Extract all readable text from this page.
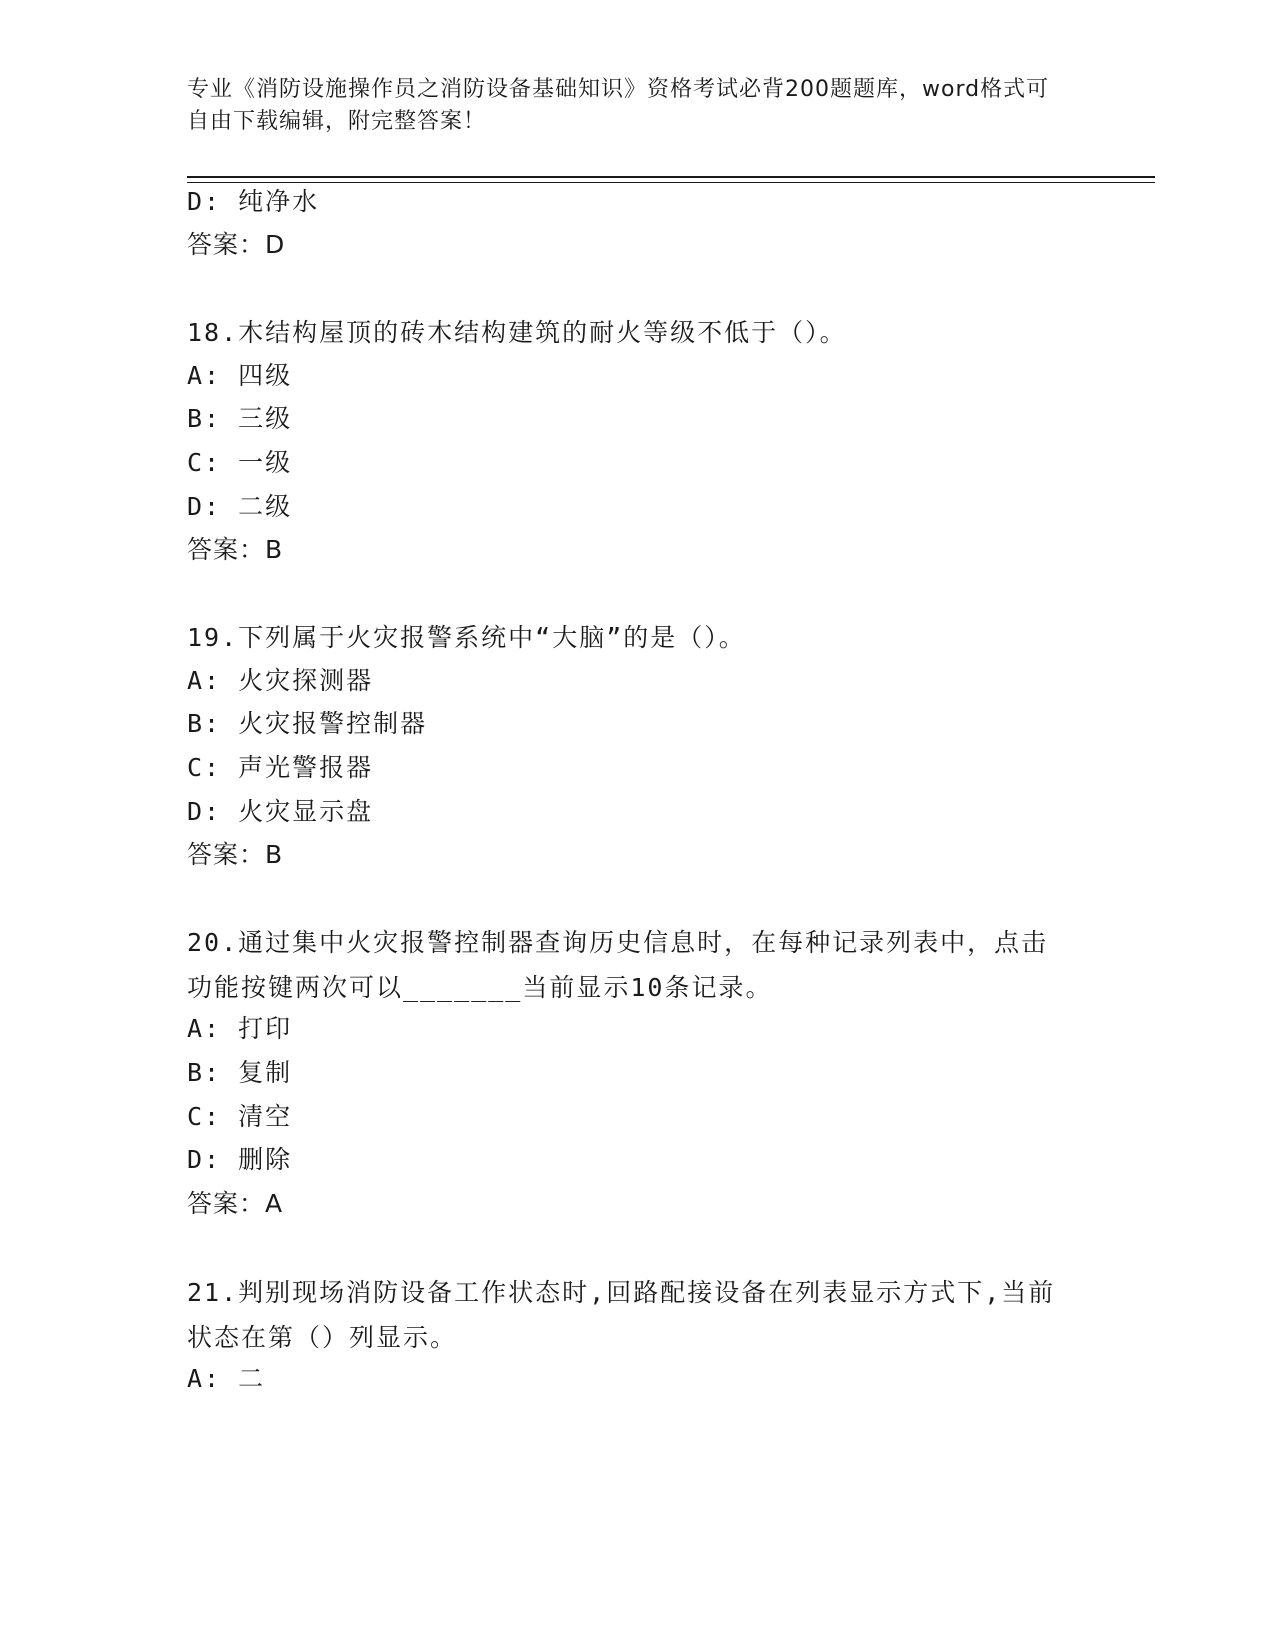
专业《消防设施操作员之消防设备基础知识》资格考试必背200题题库，word格式可自由下载编辑，附完整答案！
D: 纯净水
答案：D
18.木结构屋顶的砖木结构建筑的耐火等级不低于（）。
A: 四级
B: 三级
C: 一级
D: 二级
答案：B
19.下列属于火灾报警系统中“大脑”的是（）。
A: 火灾探测器
B: 火灾报警控制器
C: 声光警报器
D: 火灾显示盘
答案：B
20.通过集中火灾报警控制器查询历史信息时，在每种记录列表中，点击功能按键两次可以_______当前显示10条记录。
A: 打印
B: 复制
C: 清空
D: 删除
答案：A
21.判别现场消防设备工作状态时,回路配接设备在列表显示方式下,当前状态在第（）列显示。
A: 二
